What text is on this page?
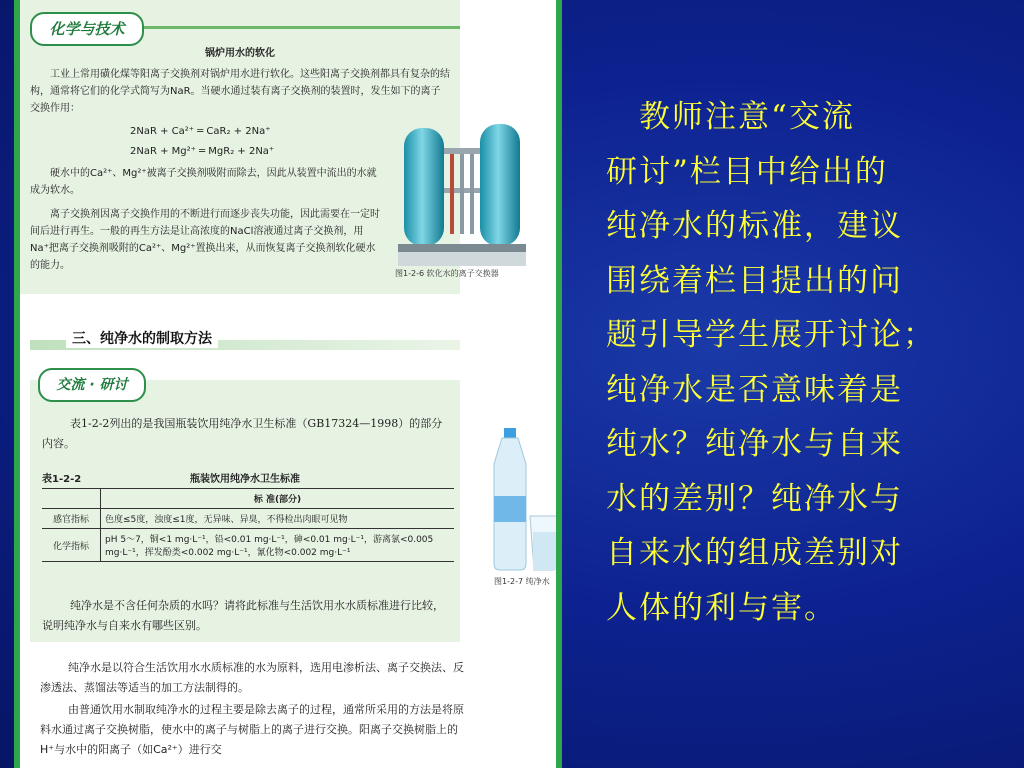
化学与技术
锅炉用水的软化
工业上常用磺化煤等阳离子交换剂对锅炉用水进行软化。这些阳离子交换剂都具有复杂的结构，通常将它们的化学式简写为NaR。当硬水通过装有离子交换剂的装置时，发生如下的离子交换作用：
2NaR + Ca²⁺ ═ CaR₂ + 2Na⁺
2NaR + Mg²⁺ ═ MgR₂ + 2Na⁺
硬水中的Ca²⁺、Mg²⁺被离子交换剂吸附而除去，因此从装置中流出的水就成为软水。
离子交换剂因离子交换作用的不断进行而逐步丧失功能，因此需要在一定时间后进行再生。一般的再生方法是让高浓度的NaCl溶液通过离子交换剂，用Na⁺把离子交换剂吸附的Ca²⁺、Mg²⁺置换出来，从而恢复离子交换剂软化硬水的能力。
图1-2-6 软化水的离子交换器
三、纯净水的制取方法
交流 · 研讨
表1-2-2列出的是我国瓶装饮用纯净水卫生标准（GB17324—1998）的部分内容。
表1-2-2	瓶装饮用纯净水卫生标准
	标 准(部分)
感官指标	色度≤5度，浊度≤1度，无异味、异臭，不得检出肉眼可见物
化学指标	pH 5～7，铜<1 mg·L⁻¹，铅<0.01 mg·L⁻¹，砷<0.01 mg·L⁻¹，游离氯<0.005 mg·L⁻¹，挥发酚类<0.002 mg·L⁻¹，氰化物<0.002 mg·L⁻¹
纯净水是不含任何杂质的水吗？请将此标准与生活饮用水水质标准进行比较，说明纯净水与自来水有哪些区别。
图1-2-7 纯净水
纯净水是以符合生活饮用水水质标准的水为原料，选用电渗析法、离子交换法、反渗透法、蒸馏法等适当的加工方法制得的。
由普通饮用水制取纯净水的过程主要是除去离子的过程，通常所采用的方法是将原料水通过离子交换树脂，使水中的离子与树脂上的离子进行交换。阳离子交换树脂上的H⁺与水中的阳离子（如Ca²⁺）进行交
　教师注意“交流
研讨”栏目中给出的
纯净水的标准，建议
围绕着栏目提出的问
题引导学生展开讨论；
纯净水是否意味着是
纯水？纯净水与自来
水的差别？纯净水与
自来水的组成差别对
人体的利与害。
